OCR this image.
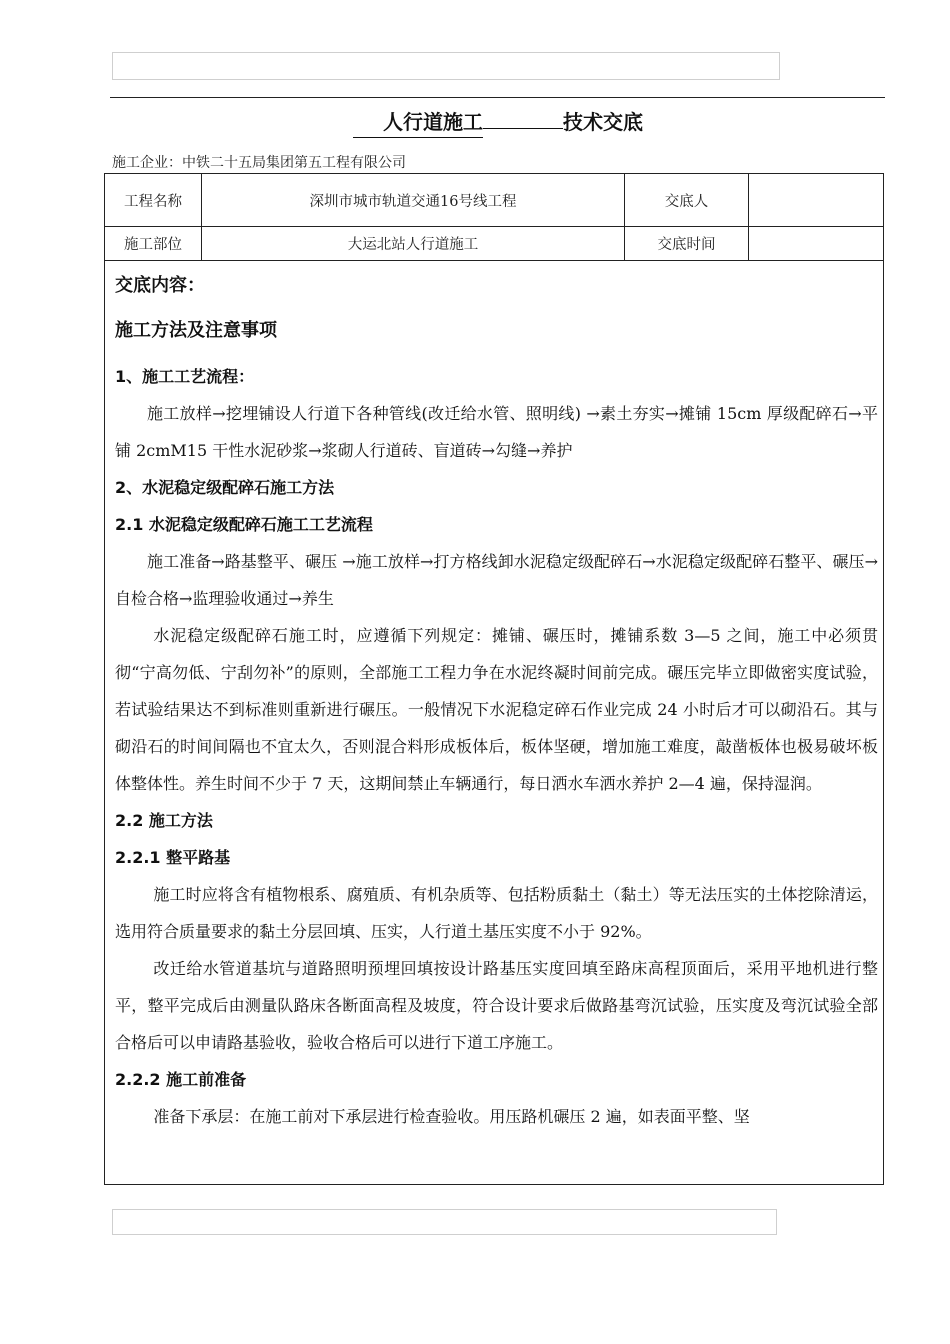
人行道施工	技术交底
施工企业：中铁二十五局集团第五工程有限公司
工程名称	深圳市城市轨道交通16号线工程	交底人
施工部位	大运北站人行道施工	交底时间

交底内容：

施工方法及注意事项

1、施工工艺流程：

施工放样→挖埋铺设人行道下各种管线(改迁给水管、照明线) →素土夯实→摊铺 15cm 厚级配碎石→平铺 2cmM15 干性水泥砂浆→浆砌人行道砖、盲道砖→勾缝→养护

2、水泥稳定级配碎石施工方法

2.1 水泥稳定级配碎石施工工艺流程

施工准备→路基整平、碾压 →施工放样→打方格线卸水泥稳定级配碎石→水泥稳定级配碎石整平、碾压→自检合格→监理验收通过→养生

水泥稳定级配碎石施工时，应遵循下列规定：摊铺、碾压时，摊铺系数 3—5 之间，施工中必须贯彻“宁高勿低、宁刮勿补”的原则，全部施工工程力争在水泥终凝时间前完成。碾压完毕立即做密实度试验，若试验结果达不到标准则重新进行碾压。一般情况下水泥稳定碎石作业完成 24 小时后才可以砌沿石。其与砌沿石的时间间隔也不宜太久，否则混合料形成板体后，板体坚硬，增加施工难度，敲凿板体也极易破坏板体整体性。养生时间不少于 7 天，这期间禁止车辆通行，每日洒水车洒水养护 2—4 遍，保持湿润。

2.2 施工方法

2.2.1 整平路基

施工时应将含有植物根系、腐殖质、有机杂质等、包括粉质黏土（黏土）等无法压实的土体挖除清运，选用符合质量要求的黏土分层回填、压实，人行道土基压实度不小于 92%。

改迁给水管道基坑与道路照明预埋回填按设计路基压实度回填至路床高程顶面后，采用平地机进行整平，整平完成后由测量队路床各断面高程及坡度，符合设计要求后做路基弯沉试验，压实度及弯沉试验全部合格后可以申请路基验收，验收合格后可以进行下道工序施工。

2.2.2 施工前准备

准备下承层：在施工前对下承层进行检查验收。用压路机碾压 2 遍，如表面平整、坚
